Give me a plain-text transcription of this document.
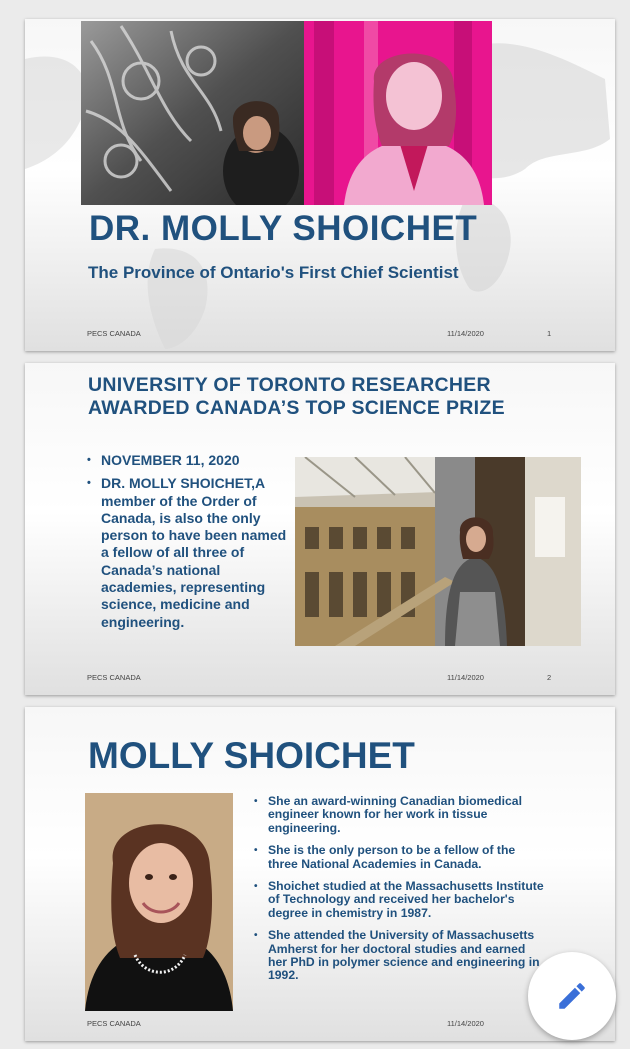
DR. MOLLY SHOICHET
The Province of Ontario's First Chief Scientist
PECS CANADA	11/14/2020	1
UNIVERSITY OF TORONTO RESEARCHER
AWARDED CANADA’S TOP SCIENCE PRIZE
• NOVEMBER 11, 2020
• DR. MOLLY SHOICHET,A member of the Order of Canada, is also the only person to have been named a fellow of all three of Canada’s national academies, representing science, medicine and engineering.
PECS CANADA	11/14/2020	2
MOLLY SHOICHET
• She an award-winning Canadian biomedical engineer known for her work in tissue engineering.
• She is the only person to be a fellow of the three National Academies in Canada.
• Shoichet studied at the Massachusetts Institute of Technology and received her bachelor's degree in chemistry in 1987.
• She attended the University of Massachusetts Amherst for her doctoral studies and earned her PhD in polymer science and engineering in 1992.
PECS CANADA	11/14/2020
